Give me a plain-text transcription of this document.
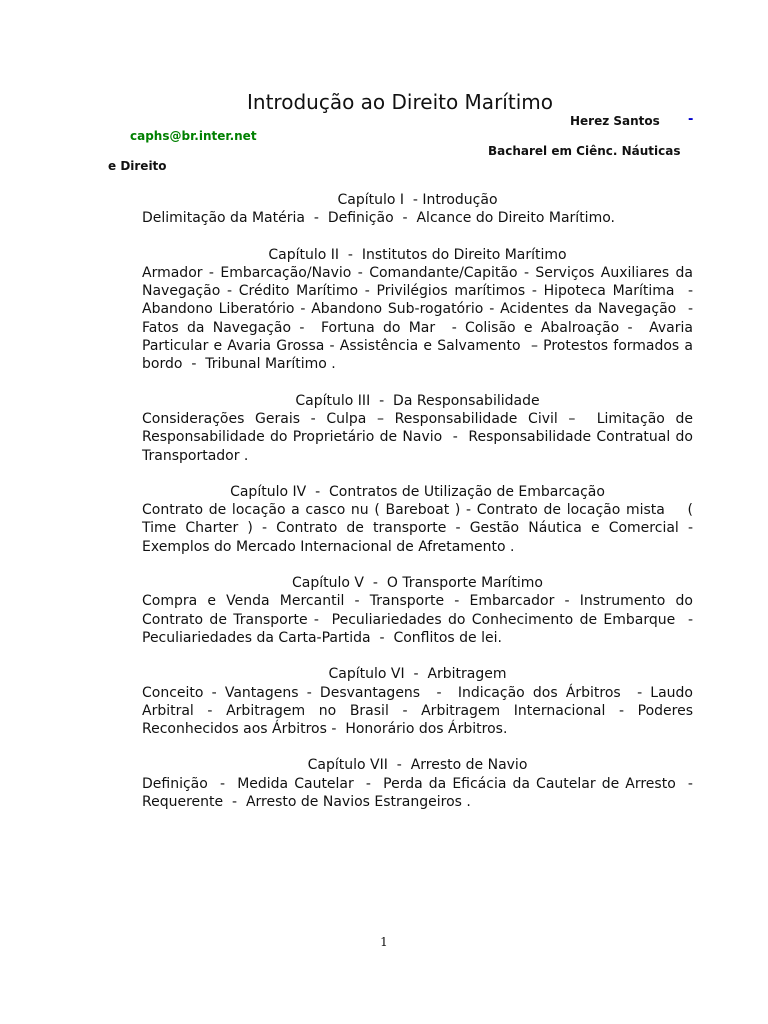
Introdução ao Direito Marítimo
Herez Santos -
caphs@br.inter.net
Bacharel em Ciênc. Náuticas
e Direito
Capítulo I  - Introdução
Delimitação da Matéria  -  Definição  -  Alcance do Direito Marítimo.
Capítulo II  -  Institutos do Direito Marítimo
Armador - Embarcação/Navio - Comandante/Capitão - Serviços Auxiliares da Navegação - Crédito Marítimo - Privilégios marítimos - Hipoteca Marítima  - Abandono Liberatório - Abandono Sub-rogatório - Acidentes da Navegação  - Fatos da Navegação -  Fortuna do Mar  - Colisão e Abalroação -  Avaria Particular e Avaria Grossa - Assistência e Salvamento  – Protestos formados a bordo  -  Tribunal Marítimo .
Capítulo III  -  Da Responsabilidade
Considerações Gerais - Culpa – Responsabilidade Civil –  Limitação de Responsabilidade do Proprietário de Navio  -  Responsabilidade Contratual do Transportador .
Capítulo IV  -  Contratos de Utilização de Embarcação
Contrato de locação a casco nu ( Bareboat ) - Contrato de locação mista    ( Time Charter ) - Contrato de transporte - Gestão Náutica e Comercial - Exemplos do Mercado Internacional de Afretamento .
Capítulo V  -  O Transporte Marítimo
Compra e Venda Mercantil - Transporte - Embarcador - Instrumento do Contrato de Transporte -  Peculiariedades do Conhecimento de Embarque  -  Peculiariedades da Carta-Partida  -  Conflitos de lei.
Capítulo VI  -  Arbitragem
Conceito - Vantagens - Desvantagens  -  Indicação dos Árbitros  - Laudo Arbitral - Arbitragem no Brasil - Arbitragem Internacional - Poderes Reconhecidos aos Árbitros -  Honorário dos Árbitros.
Capítulo VII  -  Arresto de Navio
Definição  -  Medida Cautelar  -  Perda da Eficácia da Cautelar de Arresto  -  Requerente  -  Arresto de Navios Estrangeiros .
1
